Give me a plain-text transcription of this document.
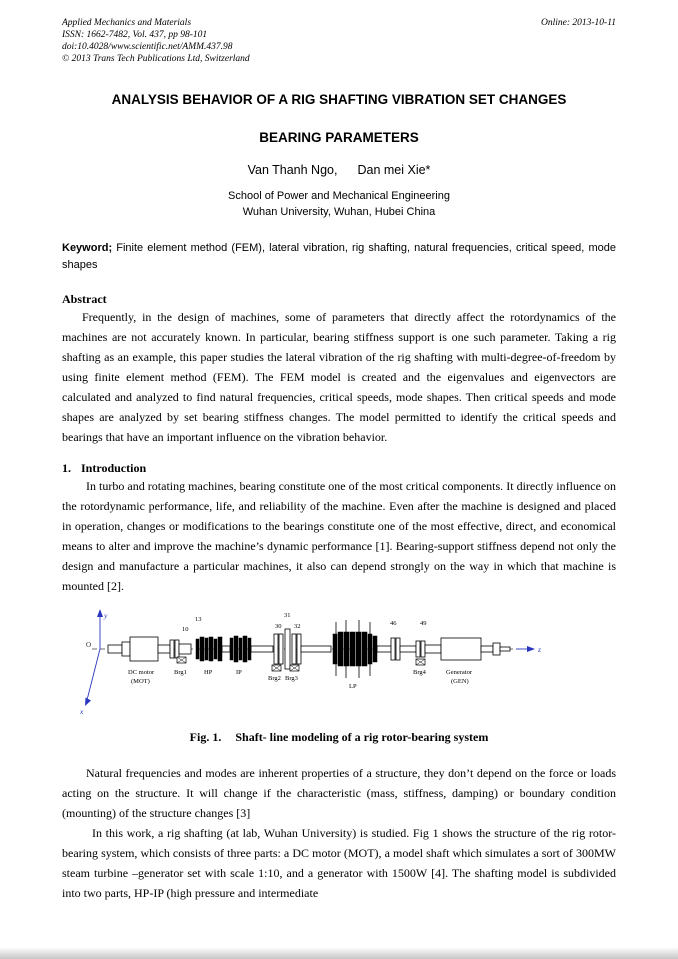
Applied Mechanics and Materials
ISSN: 1662-7482, Vol. 437, pp 98-101
doi:10.4028/www.scientific.net/AMM.437.98
© 2013 Trans Tech Publications Ltd, Switzerland
Online: 2013-10-11
ANALYSIS BEHAVIOR OF A RIG SHAFTING VIBRATION SET CHANGES
BEARING PARAMETERS
Van Thanh Ngo, Dan mei Xie*
School of Power and Mechanical Engineering
Wuhan University, Wuhan, Hubei China

Keyword; Finite element method (FEM), lateral vibration, rig shafting, natural frequencies, critical speed, mode shapes

Abstract

Frequently, in the design of machines, some of parameters that directly affect the rotordynamics of the machines are not accurately known. In particular, bearing stiffness support is one such parameter. Taking a rig shafting as an example, this paper studies the lateral vibration of the rig shafting with multi-degree-of-freedom by using finite element method (FEM). The FEM model is created and the eigenvalues and eigenvectors are calculated and analyzed to find natural frequencies, critical speeds, mode shapes. Then critical speeds and mode shapes are analyzed by set bearing stiffness changes. The model permitted to identify the critical speeds and bearings that have an important influence on the vibration behavior.

1. Introduction

In turbo and rotating machines, bearing constitute one of the most critical components. It directly influence on the rotordynamic performance, life, and reliability of the machine. Even after the machine is designed and placed in operation, changes or modifications to the bearings constitute one of the most effective, direct, and economical means to alter and improve the machine’s dynamic performance [1]. Bearing-support stiffness depend not only the design and manufacture a particular machines, it also can depend strongly on the way in which that machine is mounted [2].

y
x
z
O
10
13
30
31
32	46	49
DC motor
(MOT)
Brg1	HP	IP
Brg2 Brg3
LP
Brg4	Generator
(GEN)
Fig. 1. Shaft- line modeling of a rig rotor-bearing system

Natural frequencies and modes are inherent properties of a structure, they don’t depend on the force or loads acting on the structure. It will change if the characteristic (mass, stiffness, damping) or boundary condition (mounting) of the structure changes [3]

In this work, a rig shafting (at lab, Wuhan University) is studied. Fig 1 shows the structure of the rig rotor-bearing system, which consists of three parts: a DC motor (MOT), a model shaft which simulates a sort of 300MW steam turbine –generator set with scale 1:10, and a generator with 1500W [4]. The shafting model is subdivided into two parts, HP-IP (high pressure and intermediate
